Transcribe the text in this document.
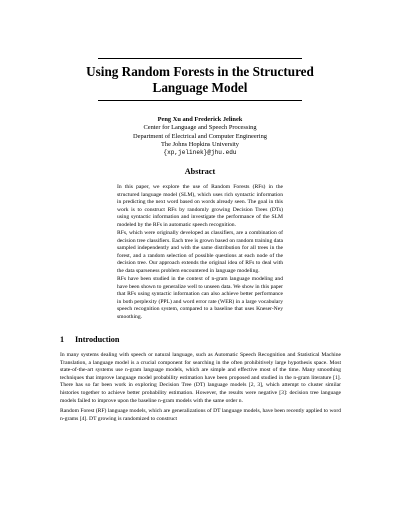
Using Random Forests in the Structured
Language Model
Peng Xu and Frederick Jelinek
Center for Language and Speech Processing
Department of Electrical and Computer Engineering
The Johns Hopkins University
{xp,jelinek}@jhu.edu
Abstract

In this paper, we explore the use of Random Forests (RFs) in the structured language model (SLM), which uses rich syntactic information in predicting the next word based on words already seen. The goal in this work is to construct RFs by randomly growing Decision Trees (DTs) using syntactic information and investigate the performance of the SLM modeled by the RFs in automatic speech recognition.

RFs, which were originally developed as classifiers, are a combination of decision tree classifiers. Each tree is grown based on random training data sampled independently and with the same distribution for all trees in the forest, and a random selection of possible questions at each node of the decision tree. Our approach extends the original idea of RFs to deal with the data sparseness problem encountered in language modeling.

RFs have been studied in the context of n-gram language modeling and have been shown to generalize well to unseen data. We show in this paper that RFs using syntactic information can also achieve better performance in both perplexity (PPL) and word error rate (WER) in a large vocabulary speech recognition system, compared to a baseline that uses Kneser-Ney smoothing.

1 Introduction

In many systems dealing with speech or natural language, such as Automatic Speech Recognition and Statistical Machine Translation, a language model is a crucial component for searching in the often prohibitively large hypothesis space. Most state-of-the-art systems use n-gram language models, which are simple and effective most of the time. Many smoothing techniques that improve language model probability estimation have been proposed and studied in the n-gram literature [1]. There has so far been work in exploring Decision Tree (DT) language models [2, 3], which attempt to cluster similar histories together to achieve better probability estimation. However, the results were negative [3]: decision tree language models failed to improve upon the baseline n-gram models with the same order n.

Random Forest (RF) language models, which are generalizations of DT language models, have been recently applied to word n-grams [4]. DT growing is randomized to construct
